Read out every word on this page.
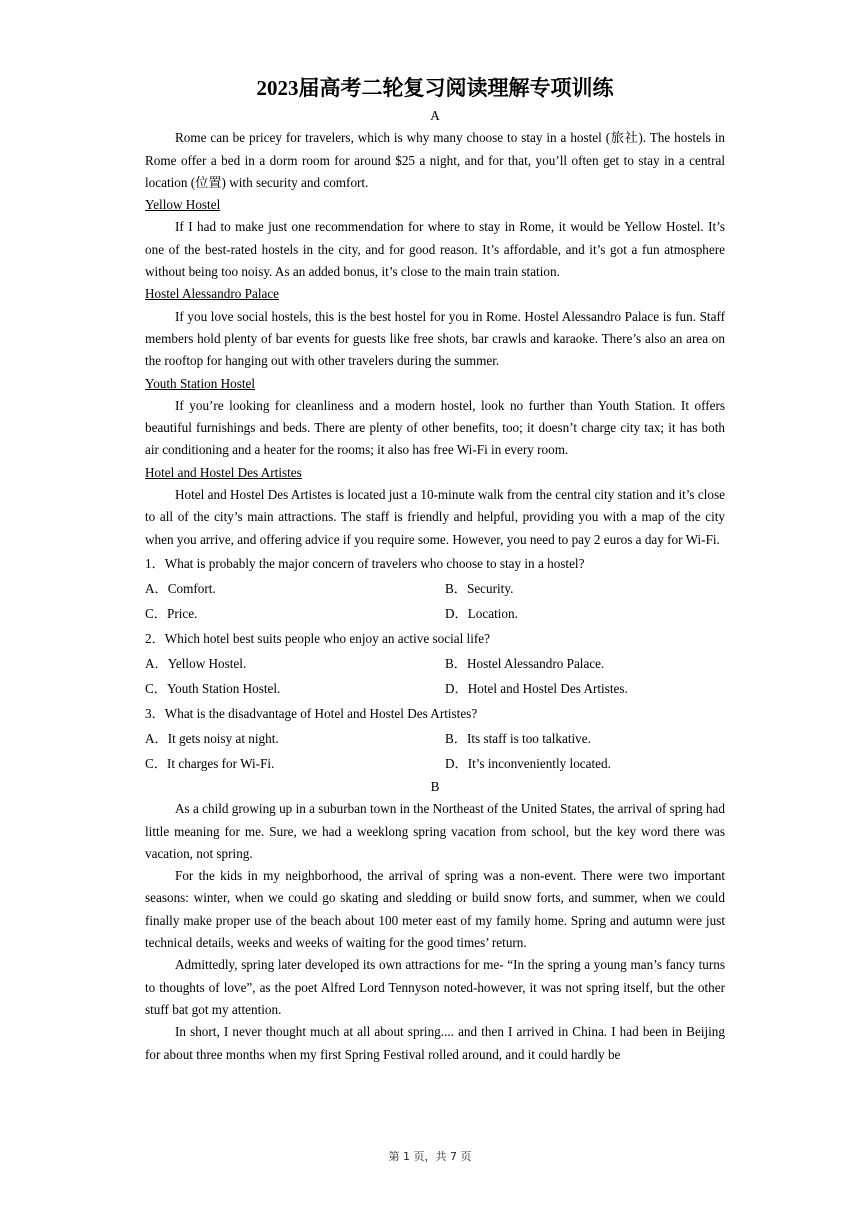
2023届高考二轮复习阅读理解专项训练
A

Rome can be pricey for travelers, which is why many choose to stay in a hostel (旅社). The hostels in Rome offer a bed in a dorm room for around $25 a night, and for that, you’ll often get to stay in a central location (位置) with security and comfort.

Yellow Hostel

If I had to make just one recommendation for where to stay in Rome, it would be Yellow Hostel. It’s one of the best-rated hostels in the city, and for good reason. It’s affordable, and it’s got a fun atmosphere without being too noisy. As an added bonus, it’s close to the main train station.

Hostel Alessandro Palace

If you love social hostels, this is the best hostel for you in Rome. Hostel Alessandro Palace is fun. Staff members hold plenty of bar events for guests like free shots, bar crawls and karaoke. There’s also an area on the rooftop for hanging out with other travelers during the summer.

Youth Station Hostel

If you’re looking for cleanliness and a modern hostel, look no further than Youth Station. It offers beautiful furnishings and beds. There are plenty of other benefits, too; it doesn’t charge city tax; it has both air conditioning and a heater for the rooms; it also has free Wi-Fi in every room.

Hotel and Hostel Des Artistes

Hotel and Hostel Des Artistes is located just a 10-minute walk from the central city station and it’s close to all of the city’s main attractions. The staff is friendly and helpful, providing you with a map of the city when you arrive, and offering advice if you require some. However, you need to pay 2 euros a day for Wi-Fi.

1．What is probably the major concern of travelers who choose to stay in a hostel?
A．Comfort.	B．Security.
C．Price.	D．Location.
2．Which hotel best suits people who enjoy an active social life?
A．Yellow Hostel.	B．Hostel Alessandro Palace.
C．Youth Station Hostel.	D．Hotel and Hostel Des Artistes.
3．What is the disadvantage of Hotel and Hostel Des Artistes?
A．It gets noisy at night.	B．Its staff is too talkative.
C．It charges for Wi-Fi.	D．It’s inconveniently located.
B

As a child growing up in a suburban town in the Northeast of the United States, the arrival of spring had little meaning for me. Sure, we had a weeklong spring vacation from school, but the key word there was vacation, not spring.

For the kids in my neighborhood, the arrival of spring was a non-event. There were two important seasons: winter, when we could go skating and sledding or build snow forts, and summer, when we could finally make proper use of the beach about 100 meter east of my family home. Spring and autumn were just technical details, weeks and weeks of waiting for the good times’ return.

Admittedly, spring later developed its own attractions for me- “In the spring a young man’s fancy turns to thoughts of love”, as the poet Alfred Lord Tennyson noted-however, it was not spring itself, but the other stuff bat got my attention.

In short, I never thought much at all about spring.... and then I arrived in China. I had been in Beijing for about three months when my first Spring Festival rolled around, and it could hardly be

第 1 页，共 7 页
